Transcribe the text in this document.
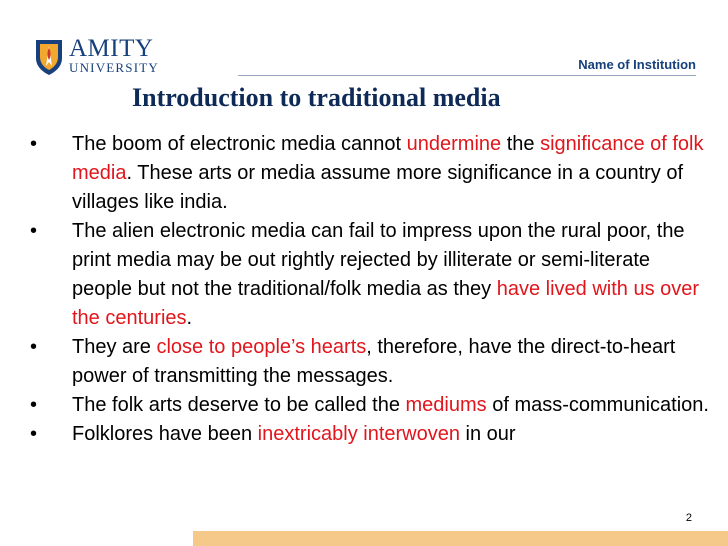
AMITY
UNIVERSITY	Name of Institution
Introduction to traditional media
•	The boom of electronic media cannot undermine the significance of folk media. These arts or media assume more significance in a country of villages like india.
•	The alien electronic media can fail to impress upon the rural poor, the print media may be out rightly rejected by illiterate or semi-literate people but not the traditional/folk media as they have lived with us over the centuries.
•	They are close to people’s hearts, therefore, have the direct-to-heart power of transmitting the messages.
•	The folk arts deserve to be called the mediums of mass-communication.
•	Folklores have been inextricably interwoven in our
2
